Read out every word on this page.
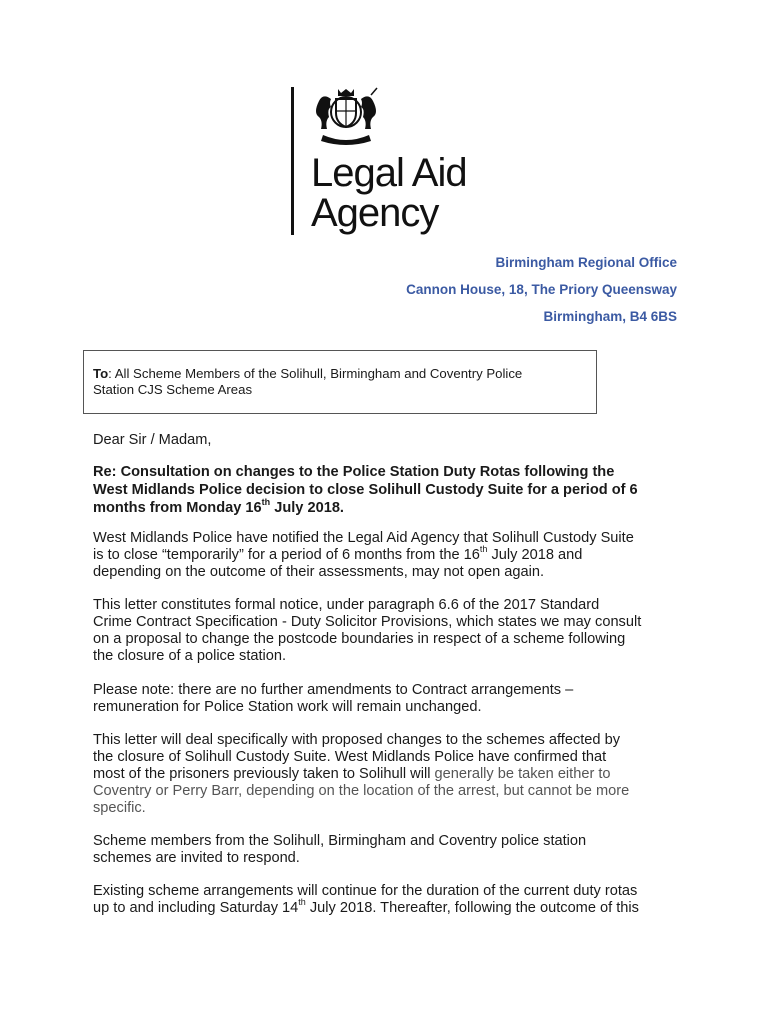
Legal Aid
Agency
Birmingham Regional Office
Cannon House, 18, The Priory Queensway
Birmingham, B4 6BS
To: All Scheme Members of the Solihull, Birmingham and Coventry Police
Station CJS Scheme Areas

Dear Sir / Madam,

Re: Consultation on changes to the Police Station Duty Rotas following the
West Midlands Police decision to close Solihull Custody Suite for a period of 6
months from Monday 16th July 2018.

West Midlands Police have notified the Legal Aid Agency that Solihull Custody Suite
is to close “temporarily” for a period of 6 months from the 16th July 2018 and
depending on the outcome of their assessments, may not open again.

This letter constitutes formal notice, under paragraph 6.6 of the 2017 Standard
Crime Contract Specification - Duty Solicitor Provisions, which states we may consult
on a proposal to change the postcode boundaries in respect of a scheme following
the closure of a police station.

Please note: there are no further amendments to Contract arrangements –
remuneration for Police Station work will remain unchanged.

This letter will deal specifically with proposed changes to the schemes affected by
the closure of Solihull Custody Suite. West Midlands Police have confirmed that
most of the prisoners previously taken to Solihull will generally be taken either to
Coventry or Perry Barr, depending on the location of the arrest, but cannot be more
specific.

Scheme members from the Solihull, Birmingham and Coventry police station
schemes are invited to respond.

Existing scheme arrangements will continue for the duration of the current duty rotas
up to and including Saturday 14th July 2018. Thereafter, following the outcome of this
